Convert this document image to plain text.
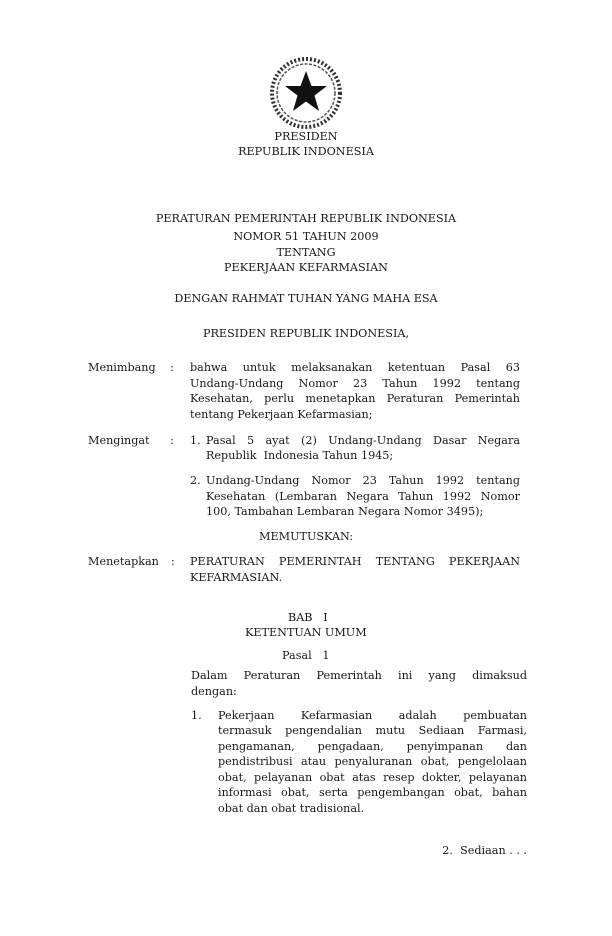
PRESIDEN
REPUBLIK INDONESIA
PERATURAN PEMERINTAH REPUBLIK INDONESIA
NOMOR 51 TAHUN 2009
TENTANG
PEKERJAAN KEFARMASIAN
DENGAN RAHMAT TUHAN YANG MAHA ESA
PRESIDEN REPUBLIK INDONESIA,
Menimbang : bahwa untuk melaksanakan ketentuan Pasal 63
Undang-Undang Nomor 23 Tahun 1992 tentang
Kesehatan, perlu menetapkan Peraturan Pemerintah
tentang Pekerjaan Kefarmasian;
Mengingat : 1. Pasal 5 ayat (2) Undang-Undang Dasar Negara
Republik  Indonesia Tahun 1945;
2. Undang-Undang Nomor 23 Tahun 1992 tentang
Kesehatan (Lembaran Negara Tahun 1992 Nomor
100, Tambahan Lembaran Negara Nomor 3495);
MEMUTUSKAN:
Menetapkan : PERATURAN PEMERINTAH TENTANG PEKERJAAN
KEFARMASIAN.
BAB   I
KETENTUAN UMUM
Pasal   1
Dalam Peraturan Pemerintah ini yang dimaksud
dengan:
1. Pekerjaan Kefarmasian adalah pembuatan
termasuk pengendalian mutu Sediaan Farmasi,
pengamanan, pengadaan, penyimpanan dan
pendistribusi atau penyaluranan obat, pengelolaan
obat, pelayanan obat atas resep dokter, pelayanan
informasi obat, serta pengembangan obat, bahan
obat dan obat tradisional.
2.  Sediaan . . .
